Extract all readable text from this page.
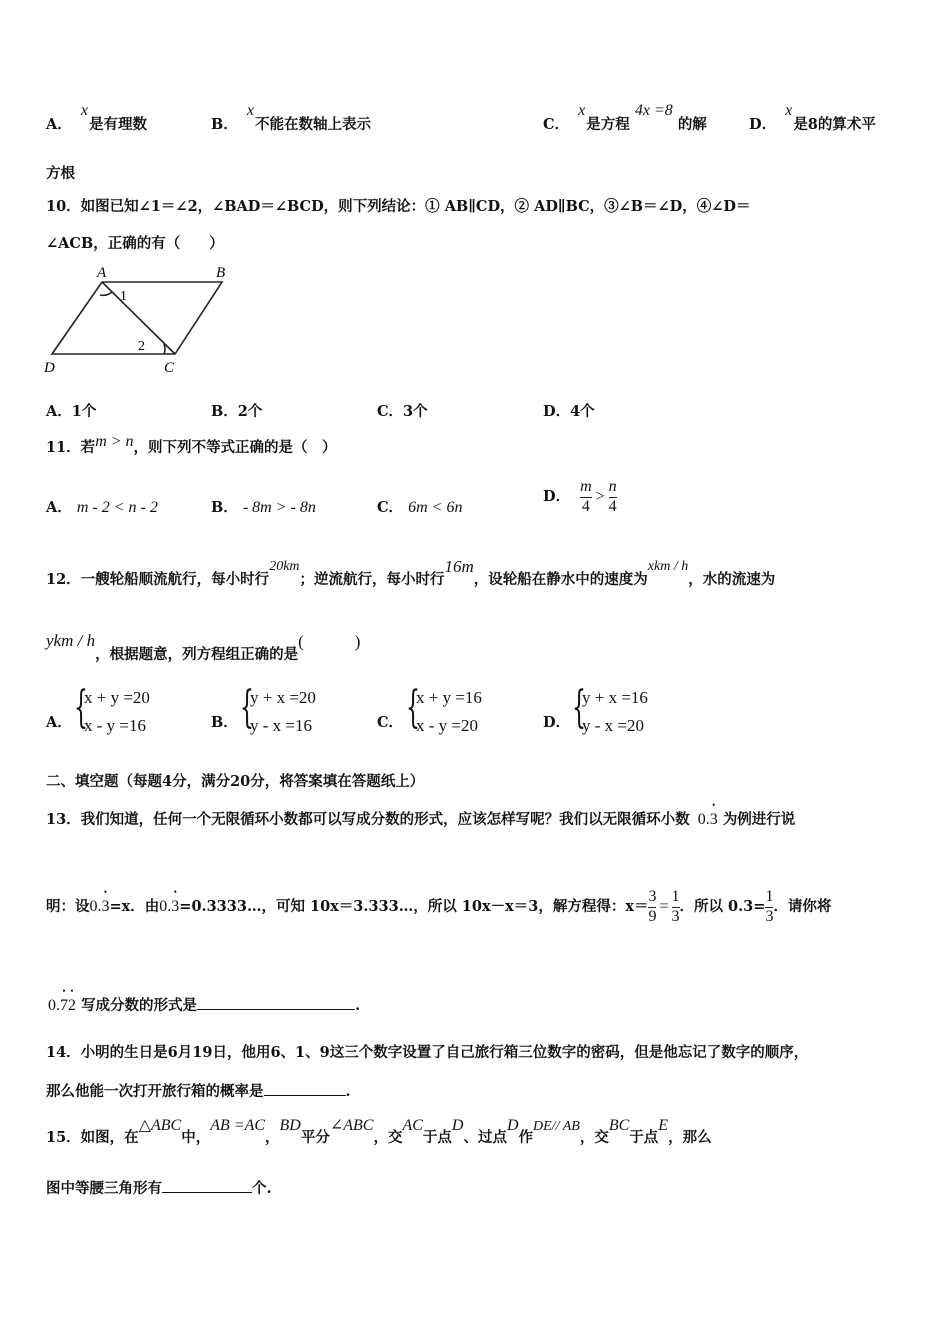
A． x 是有理数	B． x 不能在数轴上表示	C． x 是方程 4x =8 的解	D． x 是8的算术平
方根
10．如图已知∠1＝∠2，∠BAD＝∠BCD，则下列结论：① AB∥CD，② AD∥BC，③∠B＝∠D，④∠D＝
∠ACB，正确的有（　　）
A	B
C
D
1
2
A．1个	B．2个	C．3个	D．4个
11．若m > n，则下列不等式正确的是（　）
A． m - 2 < n - 2	B． - 8m > - 8n	C． 6m < 6n
D． $\frac{m}{4} > \frac{n}{4}$
12．一艘轮船顺流航行，每小时行20km；逆流航行，每小时行16m，设轮船在静水中的速度为xkm / h，水的流速为
ykm / h，根据题意，列方程组正确的是(　　　)
A． {
x + y =20
x - y =16	B． {
y + x =20
y - x =16	C． {
x + y =16
x - y =20	D． {
y + x =16
y - x =20
二、填空题（每题4分，满分20分，将答案填在答题纸上）
13．我们知道，任何一个无限循环小数都可以写成分数的形式，应该怎样写呢？我们以无限循环小数 0.• 3 为例进行说
明：设 0.• 3 =x．由 0.• 3 =0.3333…，可知 10x＝3.333…，所以 10x－x＝3，解方程得：$x= \frac{3}{9} = \frac{1}{3}$ ．所以 $0.3= \frac{1}{3}$ ．请你将
0.• 7• 2 写成分数的形式是	.
14．小明的生日是6月19日，他用6、1、9这三个数字设置了自己旅行箱三位数字的密码，但是他忘记了数字的顺序，
那么他能一次打开旅行箱的概率是	.
15．如图，在△ABC中，AB =AC，BD平分∠ABC，交AC于点D、过点D作DE// AB，交BC于点E，那么
图中等腰三角形有	个.
